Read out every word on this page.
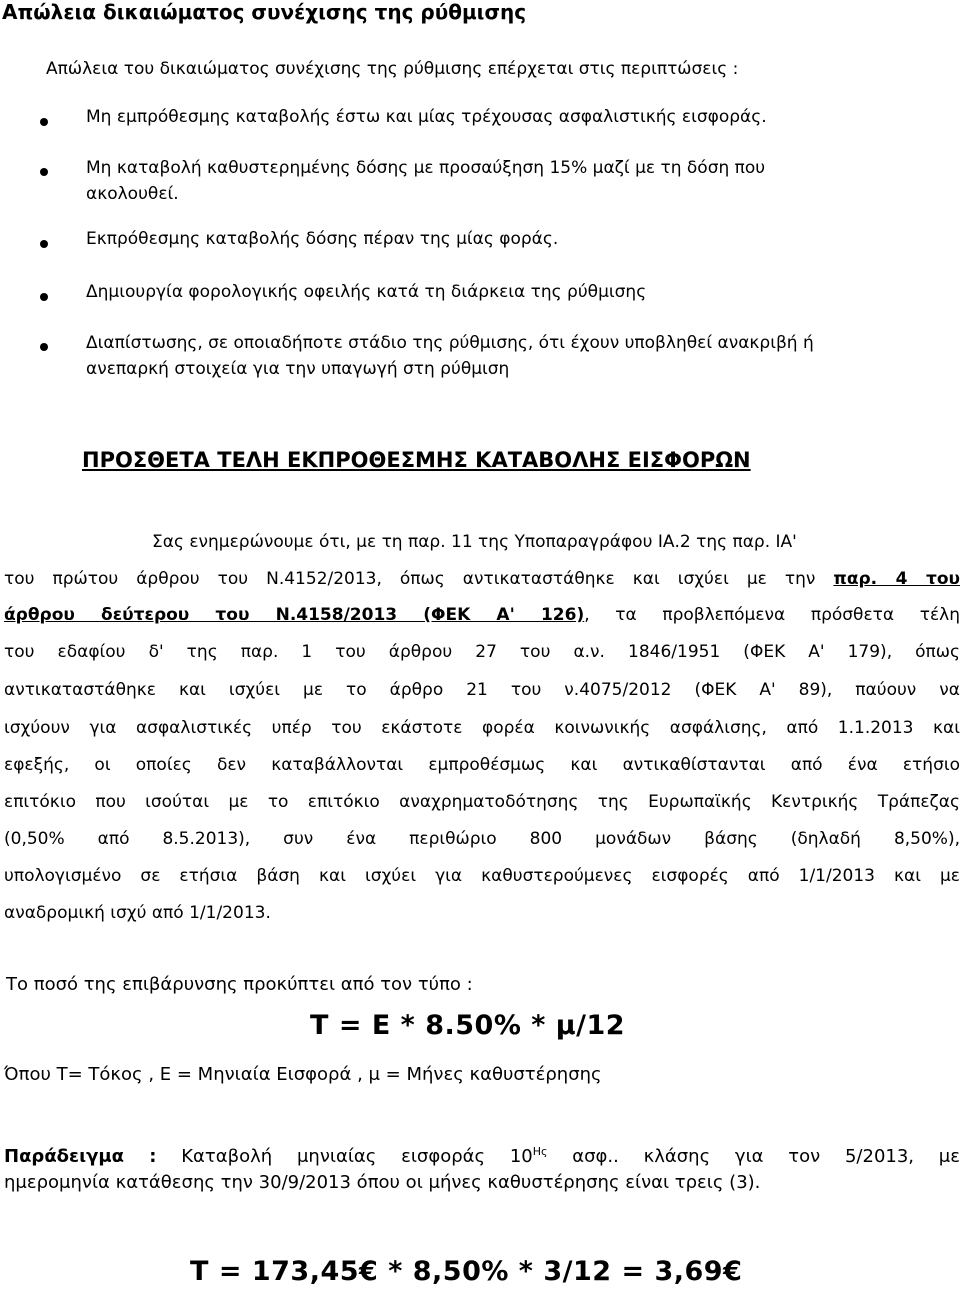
Απώλεια δικαιώματος συνέχισης της ρύθμισης
Απώλεια του δικαιώματος συνέχισης της ρύθμισης επέρχεται στις περιπτώσεις :
Μη εμπρόθεσμης καταβολής έστω και μίας τρέχουσας ασφαλιστικής εισφοράς.
Μη καταβολή καθυστερημένης δόσης με προσαύξηση 15% μαζί με τη δόση που
ακολουθεί.
Εκπρόθεσμης καταβολής δόσης πέραν της μίας φοράς.
Δημιουργία φορολογικής οφειλής κατά τη διάρκεια της ρύθμισης
Διαπίστωσης, σε οποιαδήποτε στάδιο της ρύθμισης, ότι έχουν υποβληθεί ανακριβή ή
ανεπαρκή στοιχεία για την υπαγωγή στη ρύθμιση
ΠΡΟΣΘΕΤΑ ΤΕΛΗ ΕΚΠΡΟΘΕΣΜΗΣ ΚΑΤΑΒΟΛΗΣ ΕΙΣΦΟΡΩΝ
Σας ενημερώνουμε ότι, με τη παρ. 11 της Υποπαραγράφου ΙΑ.2 της παρ. ΙΑ'
του πρώτου άρθρου του Ν.4152/2013, όπως αντικαταστάθηκε και ισχύει με την παρ. 4 του
άρθρου δεύτερου του Ν.4158/2013 (ΦΕΚ Α' 126), τα προβλεπόμενα πρόσθετα τέλη
του εδαφίου δ' της παρ. 1 του άρθρου 27 του α.ν. 1846/1951 (ΦΕΚ Α' 179), όπως
αντικαταστάθηκε και ισχύει με το άρθρο 21 του ν.4075/2012 (ΦΕΚ Α' 89), παύουν να
ισχύουν για ασφαλιστικές υπέρ του εκάστοτε φορέα κοινωνικής ασφάλισης, από 1.1.2013 και
εφεξής, οι οποίες δεν καταβάλλονται εμπροθέσμως και αντικαθίστανται από ένα ετήσιο
επιτόκιο που ισούται με το επιτόκιο αναχρηματοδότησης της Ευρωπαϊκής Κεντρικής Τράπεζας
(0,50% από 8.5.2013), συν ένα περιθώριο 800 μονάδων βάσης (δηλαδή 8,50%),
υπολογισμένο σε ετήσια βάση και ισχύει για καθυστερούμενες εισφορές από 1/1/2013 και με
αναδρομική ισχύ από 1/1/2013.
Το ποσό της επιβάρυνσης προκύπτει από τον τύπο :
Τ = Ε * 8.50% * μ/12
Όπου Τ= Τόκος , Ε = Μηνιαία Εισφορά , μ = Μήνες καθυστέρησης
Παράδειγμα : Καταβολή μηνιαίας εισφοράς $10^{H\varsigma}$ ασφ.. κλάσης για τον 5/2013, με
ημερομηνία κατάθεσης την 30/9/2013 όπου οι μήνες καθυστέρησης είναι τρεις (3).
Τ = 173,45€ * 8,50% * 3/12 = 3,69€
